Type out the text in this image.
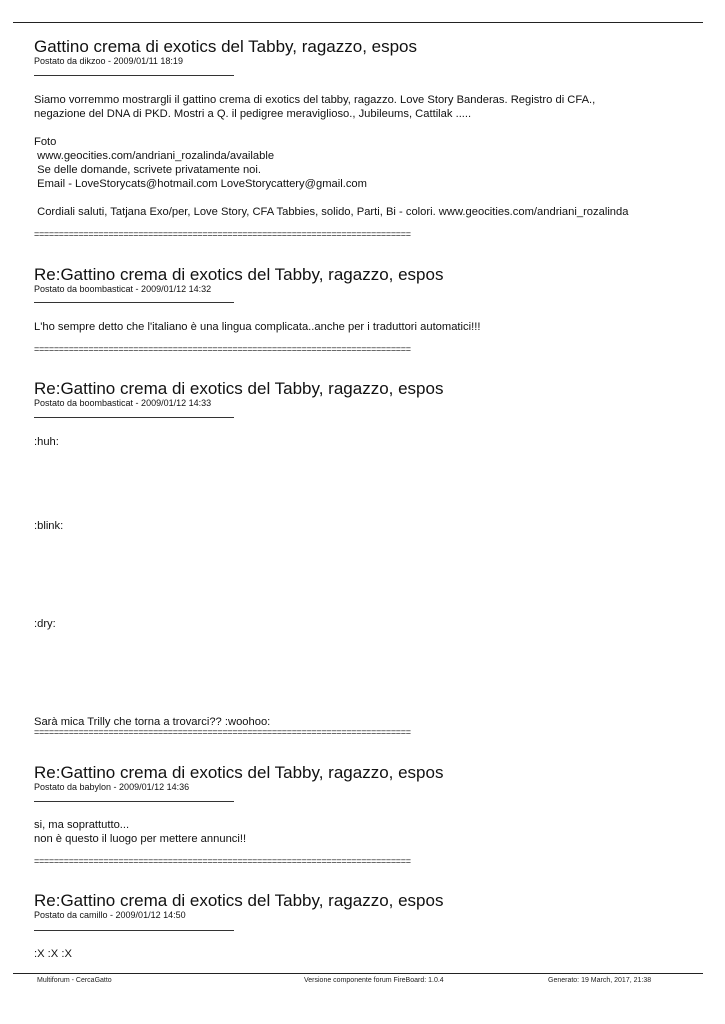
Gattino crema di exotics del Tabby, ragazzo, espos
Postato da dikzoo - 2009/01/11 18:19
Siamo vorremmo mostrargli il gattino crema di exotics del tabby, ragazzo. Love Story Banderas. Registro di CFA.,
negazione del DNA di PKD. Mostri a Q. il pedigree meraviglioso., Jubileums, Cattilak .....

Foto
www.geocities.com/andriani_rozalinda/available
Se delle domande, scrivete privatamente noi.
Email - LoveStorycats@hotmail.com LoveStorycattery@gmail.com

Cordiali saluti, Tatjana Exo/per, Love Story, CFA Tabbies, solido, Parti, Bi - colori. www.geocities.com/andriani_rozalinda
============================================================================
Re:Gattino crema di exotics del Tabby, ragazzo, espos
Postato da boombasticat - 2009/01/12 14:32
L'ho sempre detto che l'italiano è una lingua complicata..anche per i traduttori automatici!!!
============================================================================
Re:Gattino crema di exotics del Tabby, ragazzo, espos
Postato da boombasticat - 2009/01/12 14:33
:huh:

:blink:

:dry:

Sarà mica Trilly che torna a trovarci?? :woohoo:
============================================================================
Re:Gattino crema di exotics del Tabby, ragazzo, espos
Postato da babylon - 2009/01/12 14:36
si, ma soprattutto...
non è questo il luogo per mettere annunci!!
============================================================================
Re:Gattino crema di exotics del Tabby, ragazzo, espos
Postato da camillo - 2009/01/12 14:50
:X :X :X
Multiforum - CercaGatto	Versione componente forum FireBoard: 1.0.4	Generato: 19 March, 2017, 21:38
